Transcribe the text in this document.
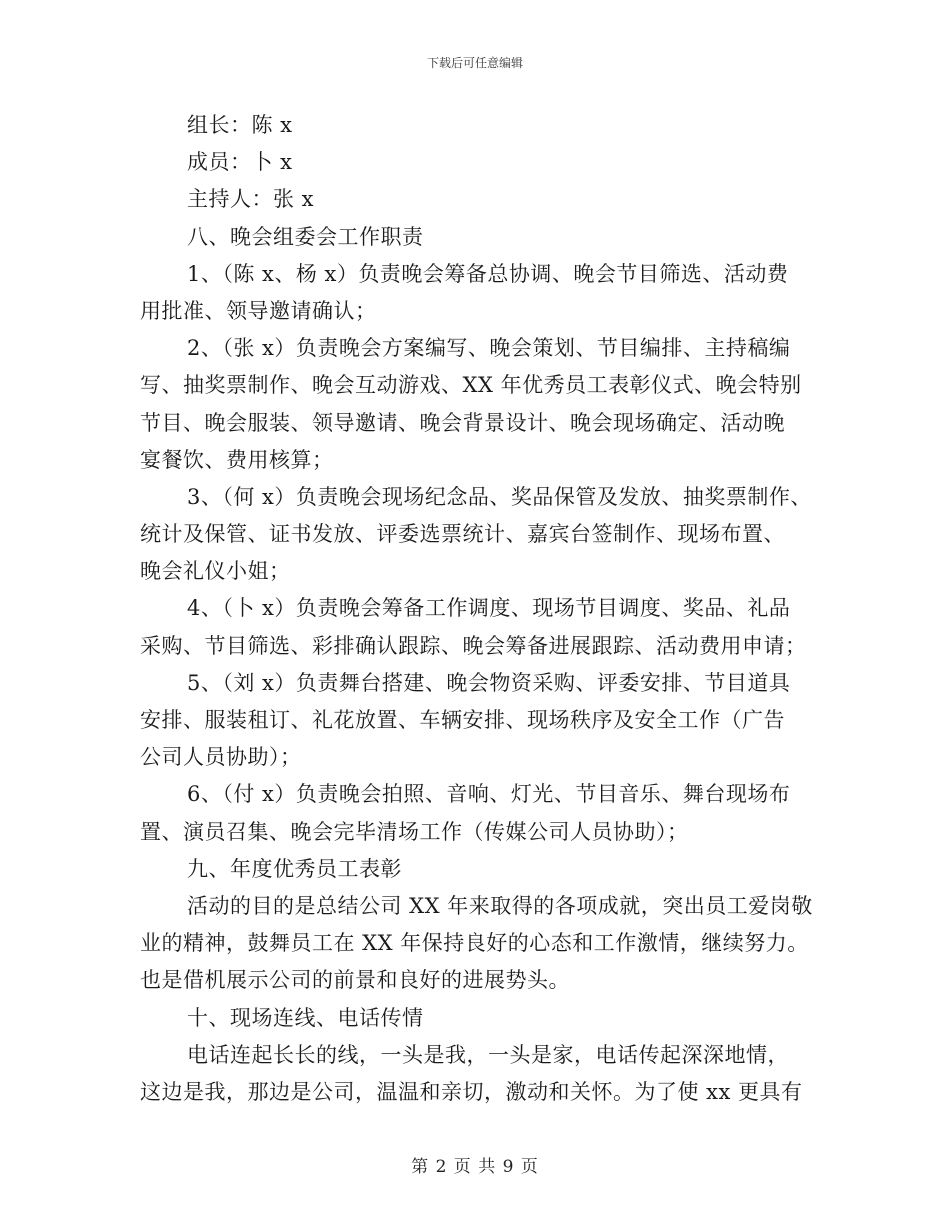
下载后可任意编辑
组长：陈 x
成员：卜 x
主持人：张 x
八、晚会组委会工作职责
1、（陈 x、杨 x）负责晚会筹备总协调、晚会节目筛选、活动费
用批准、领导邀请确认；
2、（张 x）负责晚会方案编写、晚会策划、节目编排、主持稿编
写、抽奖票制作、晚会互动游戏、XX 年优秀员工表彰仪式、晚会特别
节目、晚会服装、领导邀请、晚会背景设计、晚会现场确定、活动晚
宴餐饮、费用核算；
3、（何 x）负责晚会现场纪念品、奖品保管及发放、抽奖票制作、
统计及保管、证书发放、评委选票统计、嘉宾台签制作、现场布置、
晚会礼仪小姐；
4、（卜 x）负责晚会筹备工作调度、现场节目调度、奖品、礼品
采购、节目筛选、彩排确认跟踪、晚会筹备进展跟踪、活动费用申请；
5、（刘 x）负责舞台搭建、晚会物资采购、评委安排、节目道具
安排、服装租订、礼花放置、车辆安排、现场秩序及安全工作（广告
公司人员协助）；
6、（付 x）负责晚会拍照、音响、灯光、节目音乐、舞台现场布
置、演员召集、晚会完毕清场工作（传媒公司人员协助）；
九、年度优秀员工表彰
活动的目的是总结公司 XX 年来取得的各项成就，突出员工爱岗敬
业的精神，鼓舞员工在 XX 年保持良好的心态和工作激情，继续努力。
也是借机展示公司的前景和良好的进展势头。
十、现场连线、电话传情
电话连起长长的线，一头是我，一头是家，电话传起深深地情，
这边是我，那边是公司，温温和亲切，激动和关怀。为了使 xx 更具有
第 2 页 共 9 页
